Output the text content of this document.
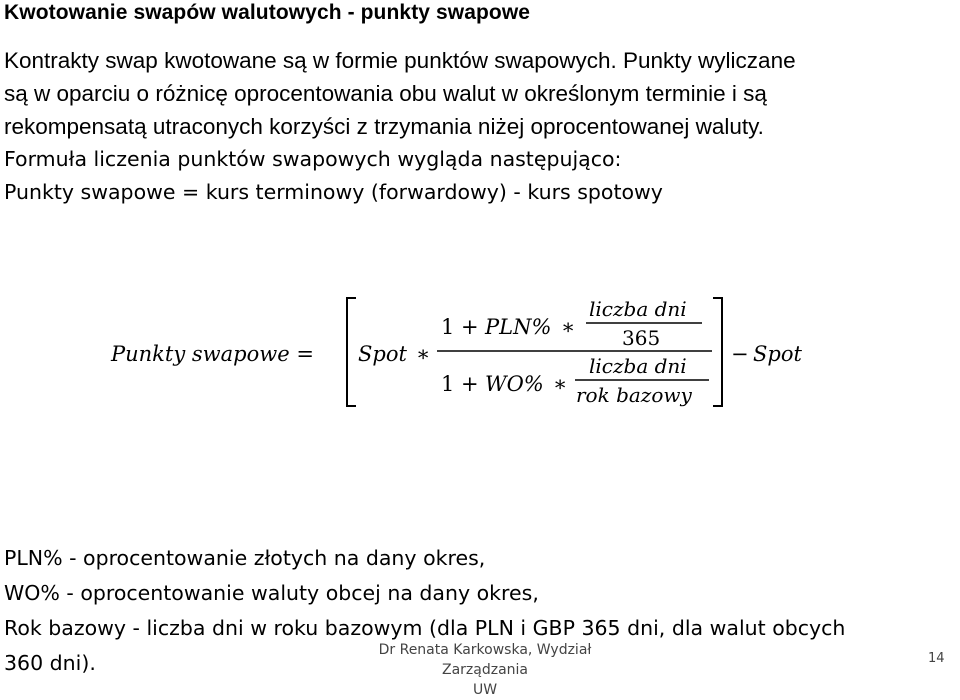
Kwotowanie swapów walutowych - punkty swapowe
Kontrakty swap kwotowane są w formie punktów swapowych. Punkty wyliczane
są w oparciu o różnicę oprocentowania obu walut w określonym terminie i są
rekompensatą utraconych korzyści z trzymania niżej oprocentowanej waluty.
Formuła liczenia punktów swapowych wygląda następująco:
Punkty swapowe = kurs terminowy (forwardowy) - kurs spotowy
Punkty swapowe = Spot ∗
1 + PLN% ∗
liczba dni
365
1 + WO% ∗
liczba dni
rok bazowy
− Spot
PLN% - oprocentowanie złotych na dany okres,
WO% - oprocentowanie waluty obcej na dany okres,
Rok bazowy - liczba dni w roku bazowym (dla PLN i GBP 365 dni, dla walut obcych
360 dni).
Dr Renata Karkowska, Wydział Zarządzania
UW
14
